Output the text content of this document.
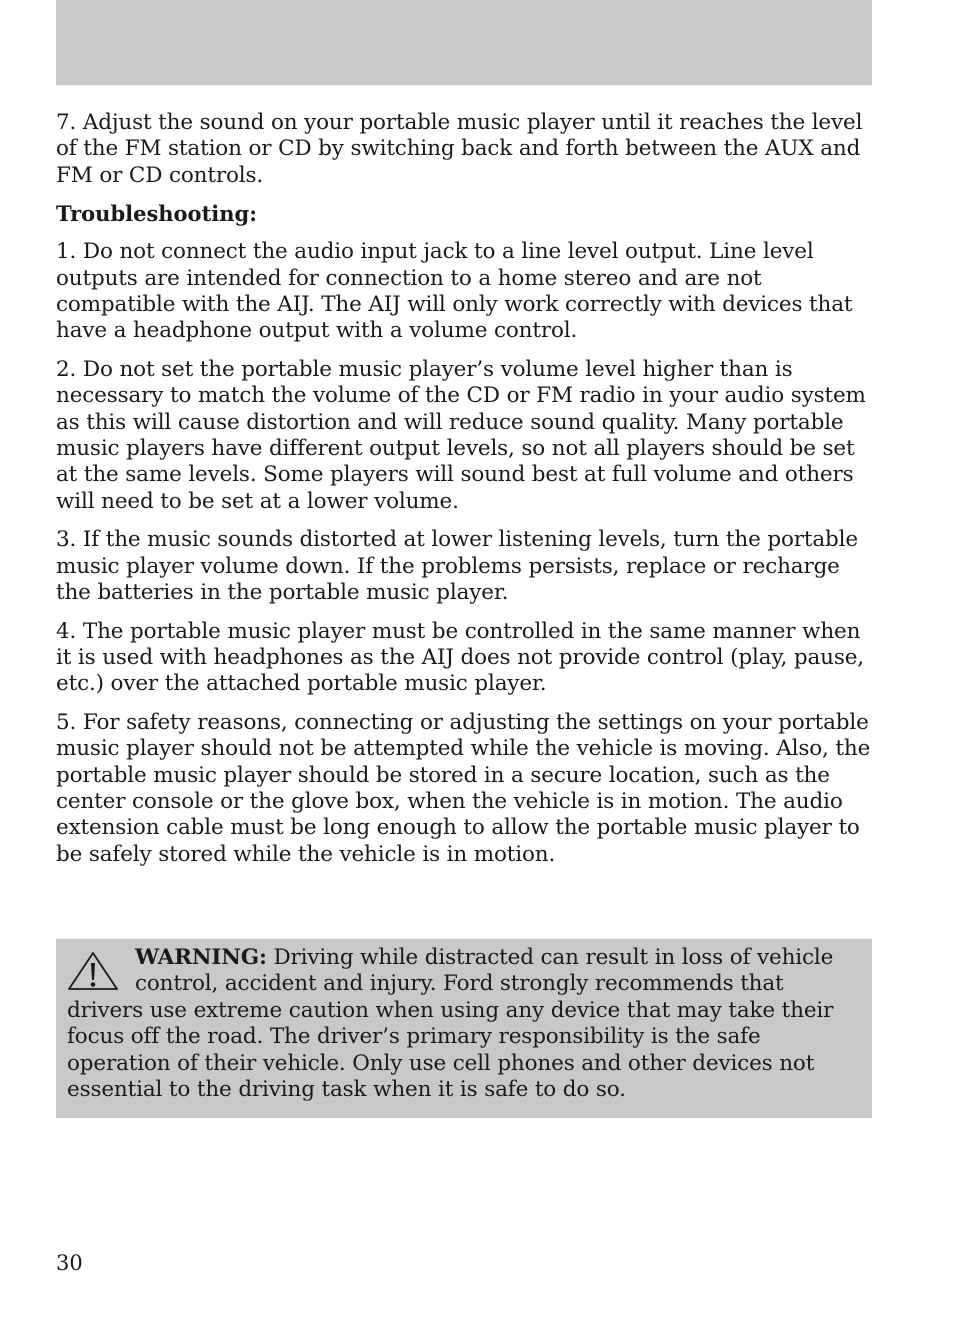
7. Adjust the sound on your portable music player until it reaches the level of the FM station or CD by switching back and forth between the AUX and FM or CD controls.

Troubleshooting:

1. Do not connect the audio input jack to a line level output. Line level outputs are intended for connection to a home stereo and are not compatible with the AIJ. The AIJ will only work correctly with devices that have a headphone output with a volume control.

2. Do not set the portable music player’s volume level higher than is necessary to match the volume of the CD or FM radio in your audio system as this will cause distortion and will reduce sound quality. Many portable music players have different output levels, so not all players should be set at the same levels. Some players will sound best at full volume and others will need to be set at a lower volume.

3. If the music sounds distorted at lower listening levels, turn the portable music player volume down. If the problems persists, replace or recharge the batteries in the portable music player.

4. The portable music player must be controlled in the same manner when it is used with headphones as the AIJ does not provide control (play, pause, etc.) over the attached portable music player.

5. For safety reasons, connecting or adjusting the settings on your portable music player should not be attempted while the vehicle is moving. Also, the portable music player should be stored in a secure location, such as the center console or the glove box, when the vehicle is in motion. The audio extension cable must be long enough to allow the portable music player to be safely stored while the vehicle is in motion.

WARNING: Driving while distracted can result in loss of vehicle control, accident and injury. Ford strongly recommends that drivers use extreme caution when using any device that may take their focus off the road. The driver’s primary responsibility is the safe operation of their vehicle. Only use cell phones and other devices not essential to the driving task when it is safe to do so.

30
